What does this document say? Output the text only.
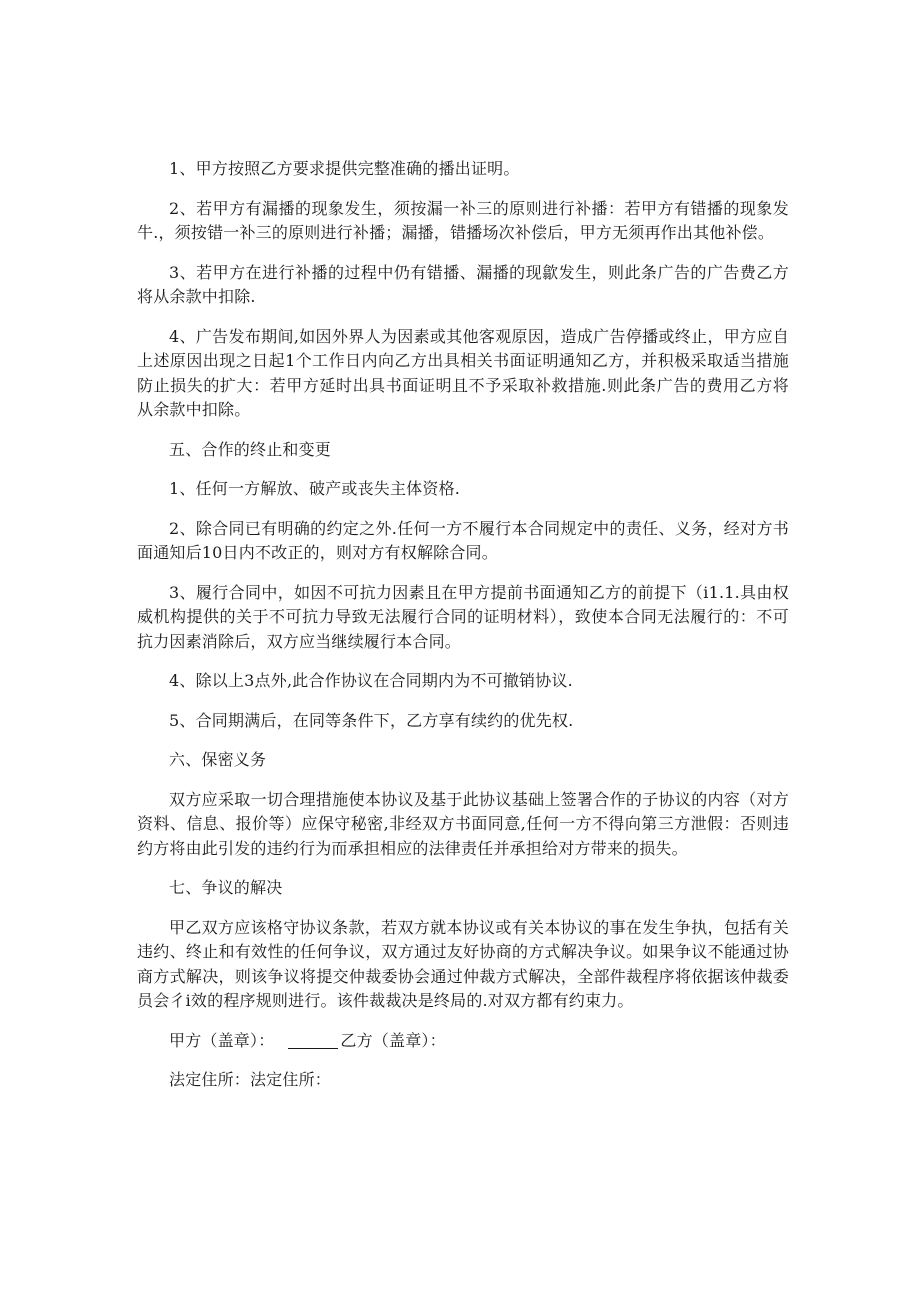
1、甲方按照乙方要求提供完整准确的播出证明。

2、若甲方有漏播的现象发生，须按漏一补三的原则进行补播：若甲方有错播的现象发牛.，须按错一补三的原则进行补播；漏播，错播场次补偿后，甲方无须再作出其他补偿。

3、若甲方在进行补播的过程中仍有错播、漏播的现歙发生，则此条广告的广告费乙方将从余款中扣除.

4、广告发布期间,如因外界人为因素或其他客观原因，造成广告停播或终止，甲方应自上述原因出现之日起1个工作日内向乙方出具相关书面证明通知乙方，并积极采取适当措施防止损失的扩大：若甲方延时出具书面证明且不予采取补救措施.则此条广告的费用乙方将从余款中扣除。

五、合作的终止和变更

1、任何一方解放、破产或丧失主体资格.

2、除合同已有明确的约定之外.任何一方不履行本合同规定中的责任、义务，经对方书面通知后10日内不改正的，则对方有权解除合同。

3、履行合同中，如因不可抗力因素且在甲方提前书面通知乙方的前提下（i1.1.具由权威机构提供的关于不可抗力导致无法履行合同的证明材料），致使本合同无法履行的：不可抗力因素消除后，双方应当继续履行本合同。

4、除以上3点外,此合作协议在合同期内为不可撤销协议.

5、合同期满后，在同等条件下，乙方享有续约的优先权.

六、保密义务

双方应采取一切合理措施使本协议及基于此协议基础上签署合作的子协议的内容（对方资料、信息、报价等）应保守秘密,非经双方书面同意,任何一方不得向第三方泄假：否则违约方将由此引发的违约行为而承担相应的法律责任并承担给对方带来的损失。

七、争议的解决

甲乙双方应该格守协议条款，若双方就本协议或有关本协议的事在发生争执，包括有关违约、终止和有效性的任何争议，双方通过友好协商的方式解决争议。如果争议不能通过协商方式解决，则该争议将提交仲裁委协会通过仲裁方式解决，全部件裁程序将依据该仲裁委员会彳i效的程序规则进行。该件裁裁决是终局的.对双方都有约束力。

甲方（盖章）：	乙方（盖章）：

法定住所：法定住所：
